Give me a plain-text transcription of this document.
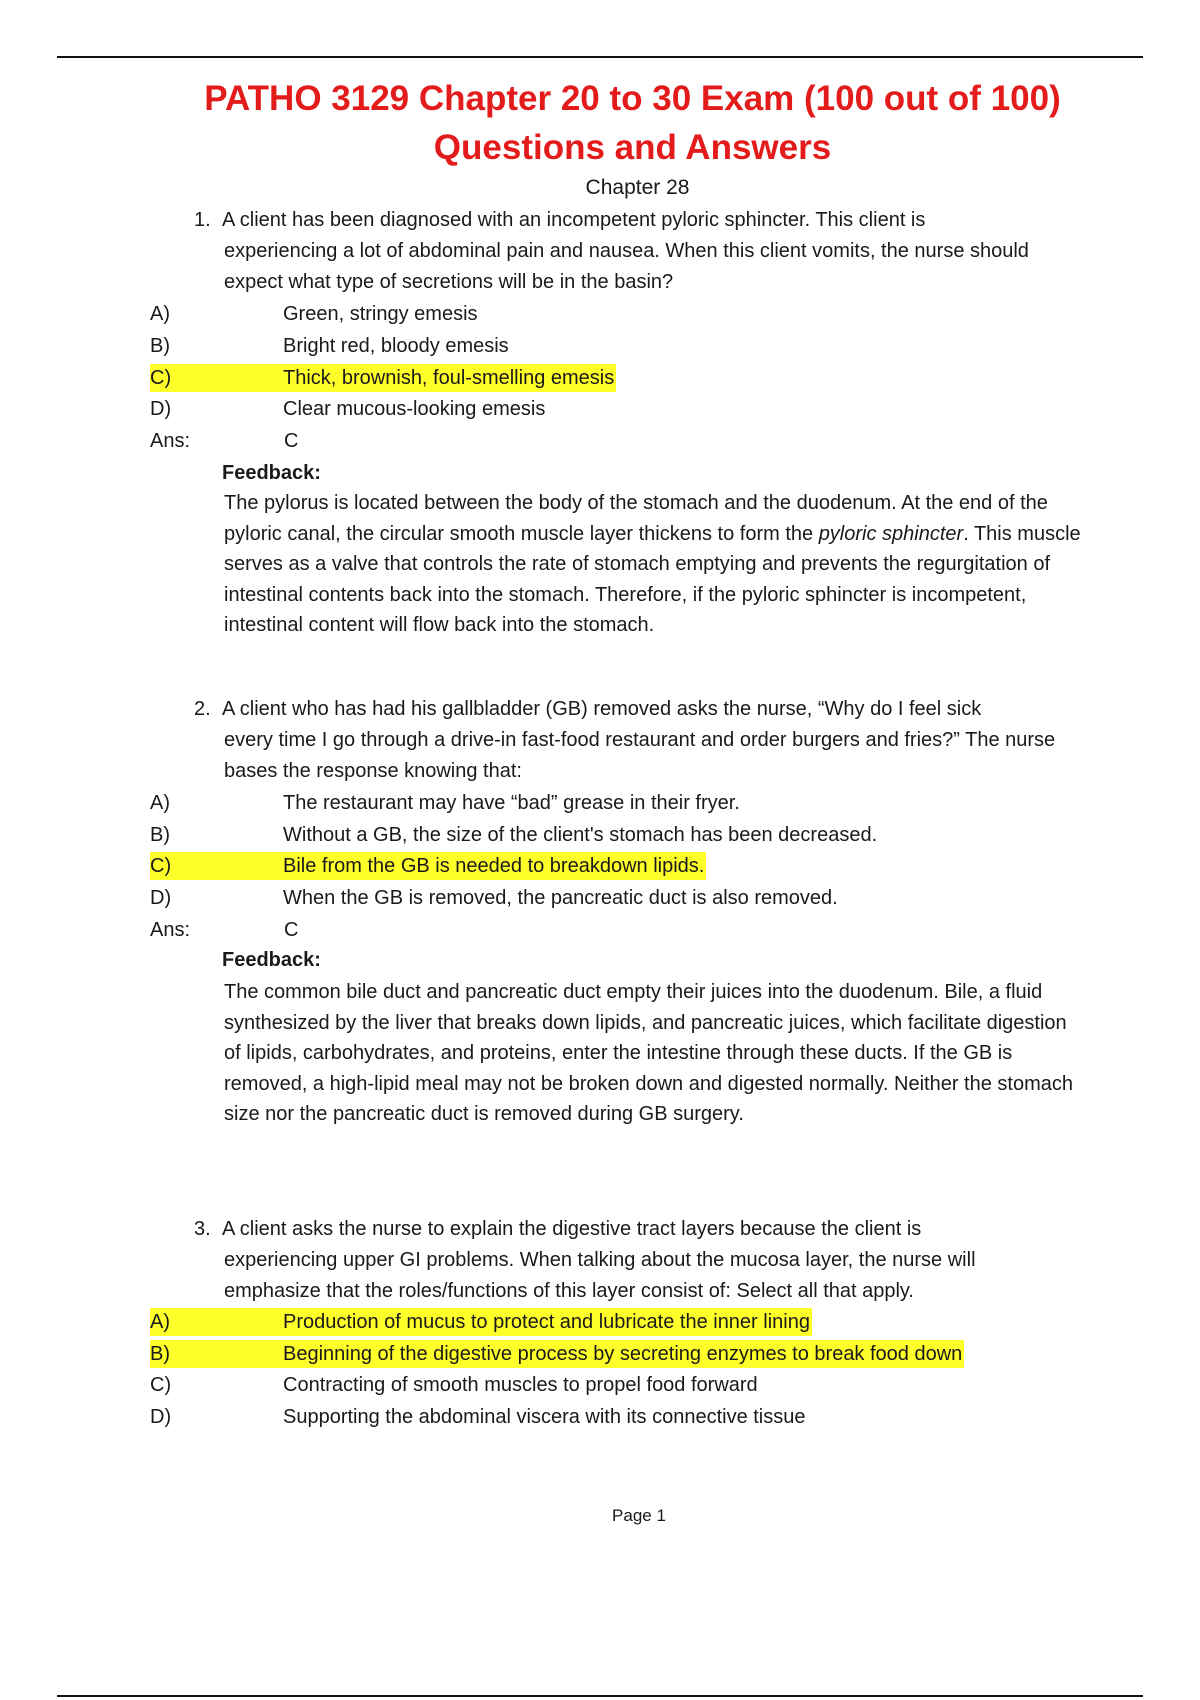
PATHO 3129 Chapter 20 to 30 Exam (100 out of 100)
Questions and Answers
Chapter 28
1. A client has been diagnosed with an incompetent pyloric sphincter. This client is
experiencing a lot of abdominal pain and nausea. When this client vomits, the nurse should expect what type of secretions will be in the basin?
A)	Green, stringy emesis
B)	Bright red, bloody emesis
C)	Thick, brownish, foul-smelling emesis
D)	Clear mucous-looking emesis
Ans:	C
Feedback:
The pylorus is located between the body of the stomach and the duodenum. At the end of the pyloric canal, the circular smooth muscle layer thickens to form the pyloric sphincter. This muscle serves as a valve that controls the rate of stomach emptying and prevents the regurgitation of intestinal contents back into the stomach. Therefore, if the pyloric sphincter is incompetent, intestinal content will flow back into the stomach.
2. A client who has had his gallbladder (GB) removed asks the nurse, “Why do I feel sick
every time I go through a drive-in fast-food restaurant and order burgers and fries?” The nurse bases the response knowing that:
A)	The restaurant may have “bad” grease in their fryer.
B)	Without a GB, the size of the client's stomach has been decreased.
C)	Bile from the GB is needed to breakdown lipids.
D)	When the GB is removed, the pancreatic duct is also removed.
Ans:	C
Feedback:
The common bile duct and pancreatic duct empty their juices into the duodenum. Bile, a fluid synthesized by the liver that breaks down lipids, and pancreatic juices, which facilitate digestion of lipids, carbohydrates, and proteins, enter the intestine through these ducts. If the GB is removed, a high-lipid meal may not be broken down and digested normally. Neither the stomach size nor the pancreatic duct is removed during GB surgery.
3. A client asks the nurse to explain the digestive tract layers because the client is
experiencing upper GI problems. When talking about the mucosa layer, the nurse will emphasize that the roles/functions of this layer consist of: Select all that apply.
A)	Production of mucus to protect and lubricate the inner lining
B)	Beginning of the digestive process by secreting enzymes to break food down
C)	Contracting of smooth muscles to propel food forward
D)	Supporting the abdominal viscera with its connective tissue
Page 1
